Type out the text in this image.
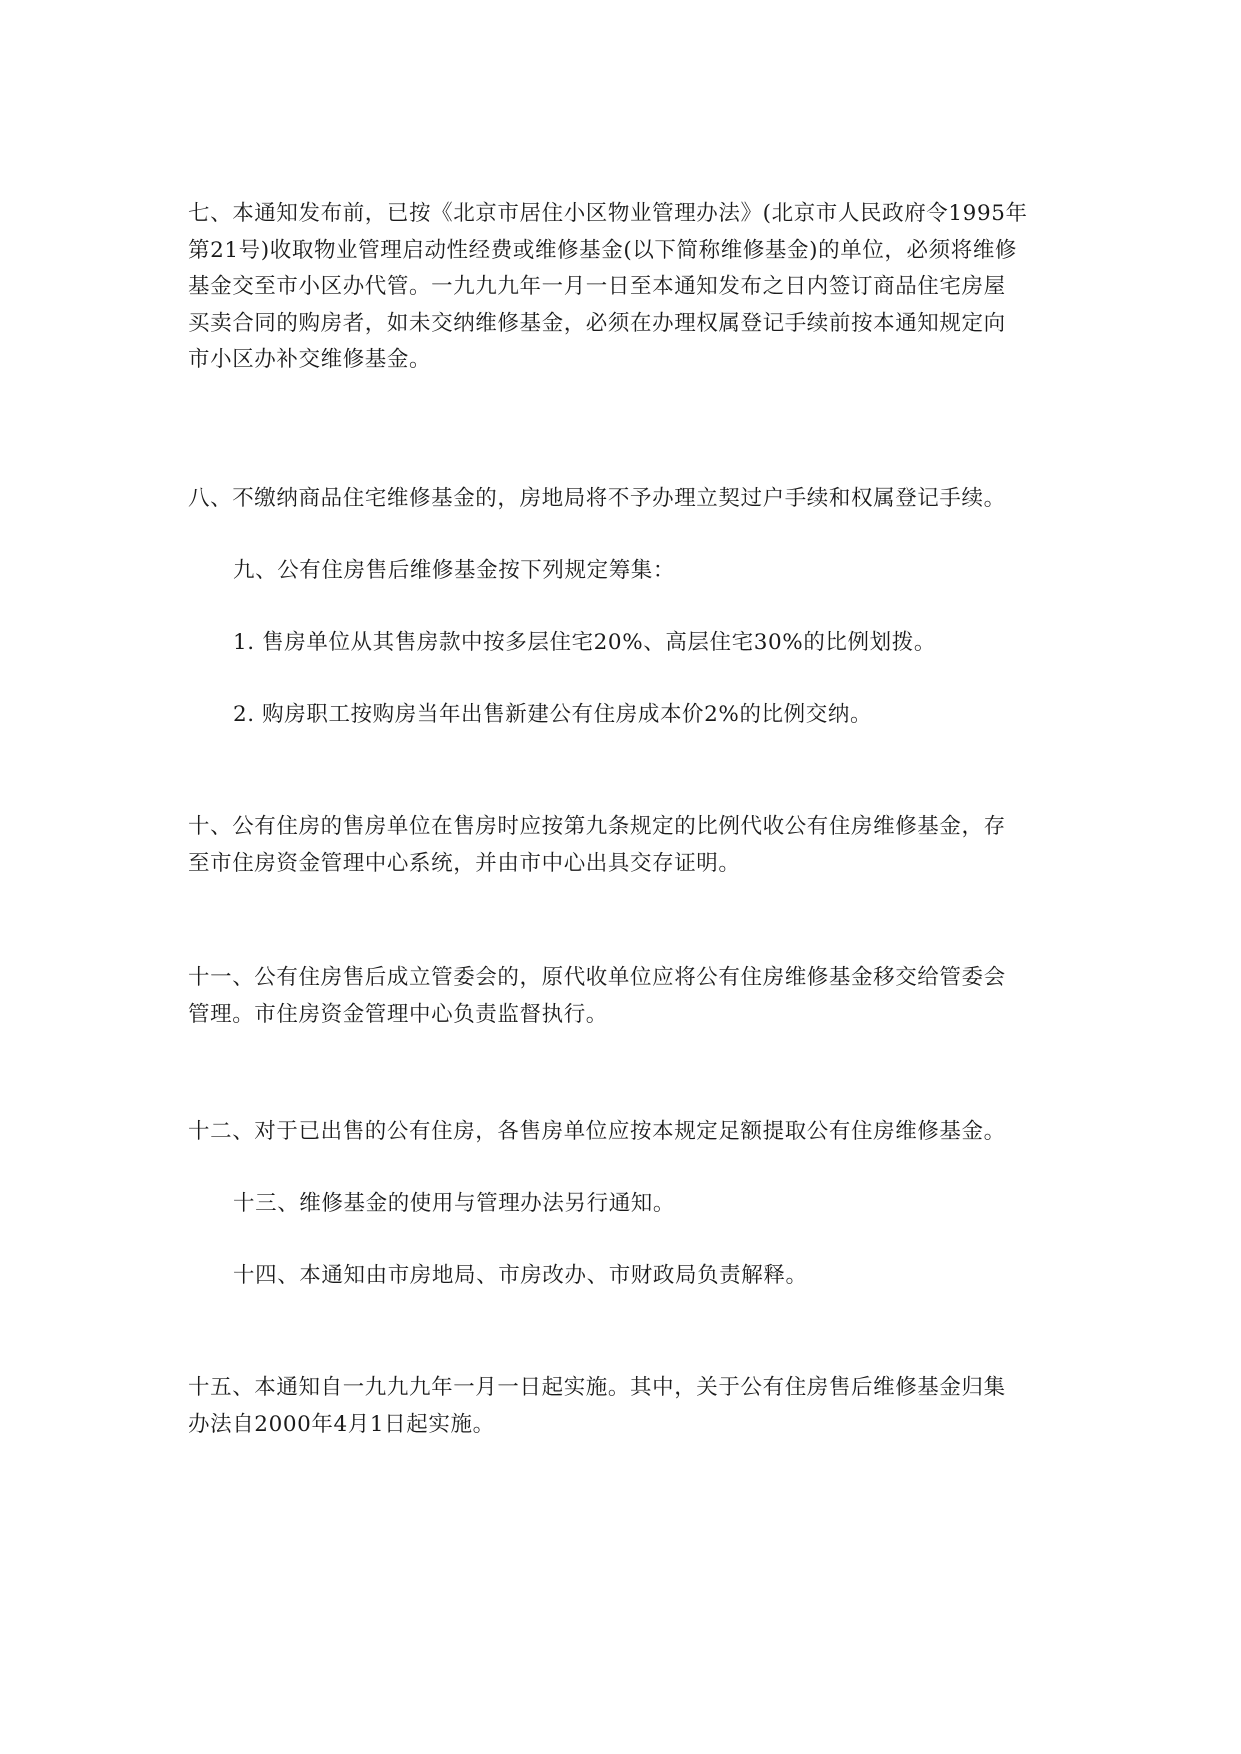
七、本通知发布前，已按《北京市居住小区物业管理办法》(北京市人民政府令1995年
第21号)收取物业管理启动性经费或维修基金(以下简称维修基金)的单位，必须将维修
基金交至市小区办代管。一九九九年一月一日至本通知发布之日内签订商品住宅房屋
买卖合同的购房者，如未交纳维修基金，必须在办理权属登记手续前按本通知规定向
市小区办补交维修基金。

八、不缴纳商品住宅维修基金的，房地局将不予办理立契过户手续和权属登记手续。

九、公有住房售后维修基金按下列规定筹集：

1. 售房单位从其售房款中按多层住宅20%、高层住宅30%的比例划拨。

2. 购房职工按购房当年出售新建公有住房成本价2%的比例交纳。

十、公有住房的售房单位在售房时应按第九条规定的比例代收公有住房维修基金，存
至市住房资金管理中心系统，并由市中心出具交存证明。

十一、公有住房售后成立管委会的，原代收单位应将公有住房维修基金移交给管委会
管理。市住房资金管理中心负责监督执行。

十二、对于已出售的公有住房，各售房单位应按本规定足额提取公有住房维修基金。

十三、维修基金的使用与管理办法另行通知。

十四、本通知由市房地局、市房改办、市财政局负责解释。

十五、本通知自一九九九年一月一日起实施。其中，关于公有住房售后维修基金归集
办法自2000年4月1日起实施。
